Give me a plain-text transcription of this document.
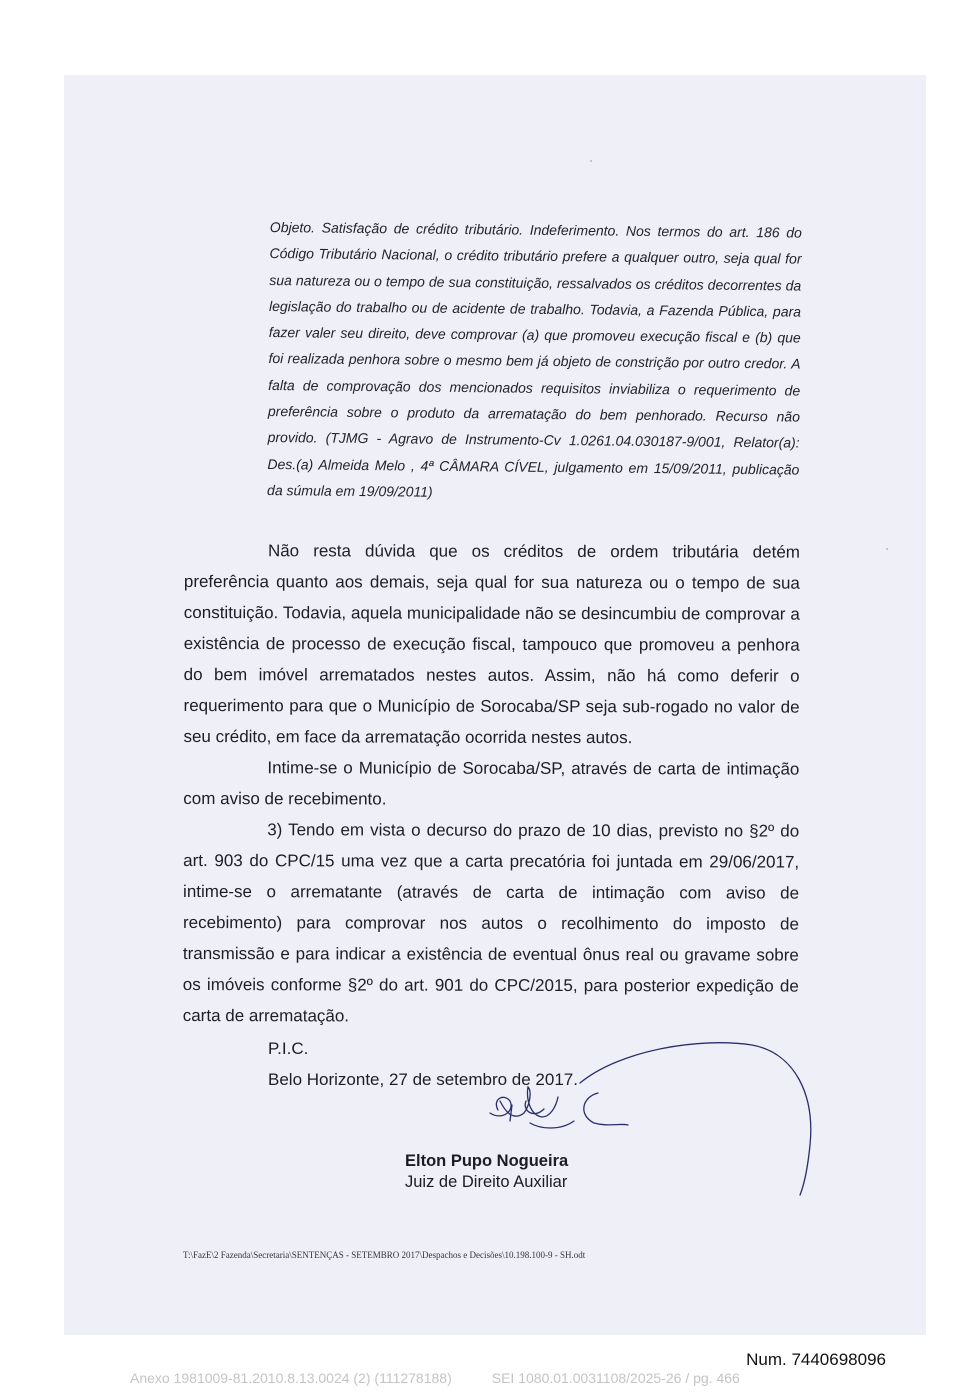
Objeto. Satisfação de crédito tributário. Indeferimento. Nos termos do art. 186 do Código Tributário Nacional, o crédito tributário prefere a qualquer outro, seja qual for sua natureza ou o tempo de sua constituição, ressalvados os créditos decorrentes da legislação do trabalho ou de acidente de trabalho. Todavia, a Fazenda Pública, para fazer valer seu direito, deve comprovar (a) que promoveu execução fiscal e (b) que foi realizada penhora sobre o mesmo bem já objeto de constrição por outro credor. A falta de comprovação dos mencionados requisitos inviabiliza o requerimento de preferência sobre o produto da arrematação do bem penhorado. Recurso não provido. (TJMG - Agravo de Instrumento-Cv 1.0261.04.030187-9/001, Relator(a): Des.(a) Almeida Melo , 4ª CÂMARA CÍVEL, julgamento em 15/09/2011, publicação da súmula em 19/09/2011)

Não resta dúvida que os créditos de ordem tributária detém preferência quanto aos demais, seja qual for sua natureza ou o tempo de sua constituição. Todavia, aquela municipalidade não se desincumbiu de comprovar a existência de processo de execução fiscal, tampouco que promoveu a penhora do bem imóvel arrematados nestes autos. Assim, não há como deferir o requerimento para que o Município de Sorocaba/SP seja sub-rogado no valor de seu crédito, em face da arrematação ocorrida nestes autos.

Intime-se o Município de Sorocaba/SP, através de carta de intimação com aviso de recebimento.

3) Tendo em vista o decurso do prazo de 10 dias, previsto no §2º do art. 903 do CPC/15 uma vez que a carta precatória foi juntada em 29/06/2017, intime-se o arrematante (através de carta de intimação com aviso de recebimento) para comprovar nos autos o recolhimento do imposto de transmissão e para indicar a existência de eventual ônus real ou gravame sobre os imóveis conforme §2º do art. 901 do CPC/2015, para posterior expedição de carta de arrematação.

P.I.C.
Belo Horizonte, 27 de setembro de 2017.
Elton Pupo Nogueira
Juiz de Direito Auxiliar
T:\FazE\2 Fazenda\Secretaria\SENTENÇAS - SETEMBRO 2017\Despachos e Decisões\10.198.100-9 - SH.odt
Num. 7440698096
Anexo 1981009-81.2010.8.13.0024 (2) (111278188)	SEI 1080.01.0031108/2025-26 / pg. 466
